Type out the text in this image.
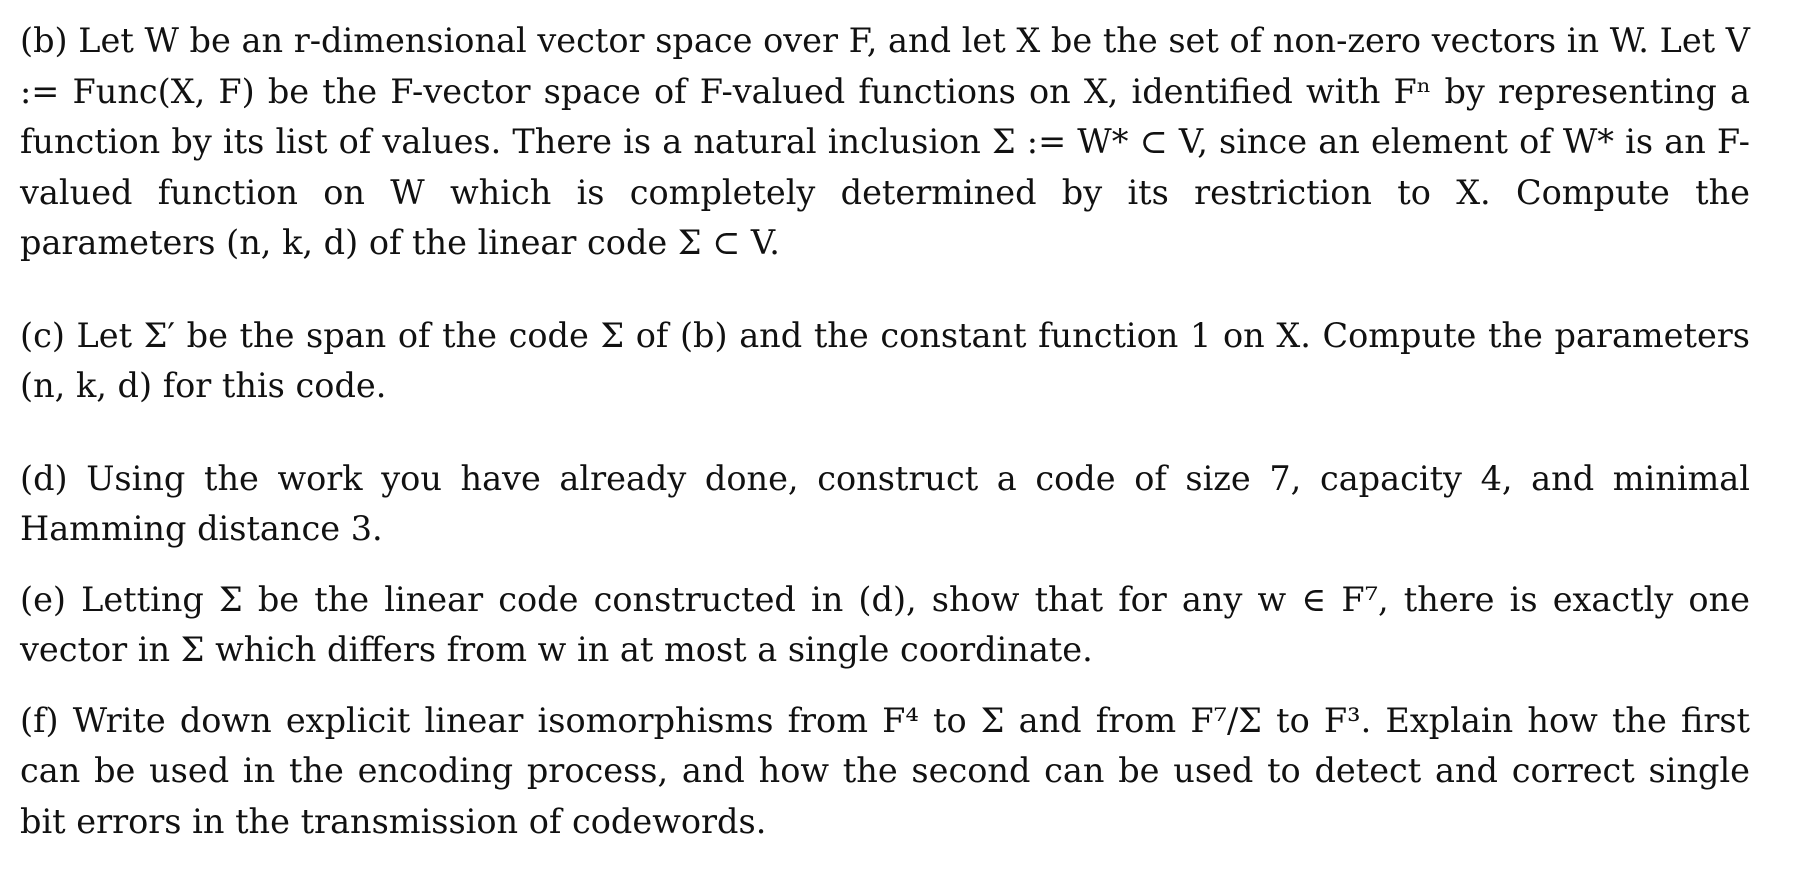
(b) Let W be an r-dimensional vector space over F, and let X be the set of non-zero vectors in W. Let V := Func(X, F) be the F-vector space of F-valued functions on X, identified with Fⁿ by representing a function by its list of values. There is a natural inclusion Σ := W* ⊂ V, since an element of W* is an F-valued function on W which is completely determined by its restriction to X. Compute the parameters (n, k, d) of the linear code Σ ⊂ V.

(c) Let Σ′ be the span of the code Σ of (b) and the constant function 1 on X. Compute the parameters (n, k, d) for this code.

(d) Using the work you have already done, construct a code of size 7, capacity 4, and minimal Hamming distance 3.

(e) Letting Σ be the linear code constructed in (d), show that for any w ∈ F⁷, there is exactly one vector in Σ which differs from w in at most a single coordinate.

(f) Write down explicit linear isomorphisms from F⁴ to Σ and from F⁷/Σ to F³. Explain how the first can be used in the encoding process, and how the second can be used to detect and correct single bit errors in the transmission of codewords.
